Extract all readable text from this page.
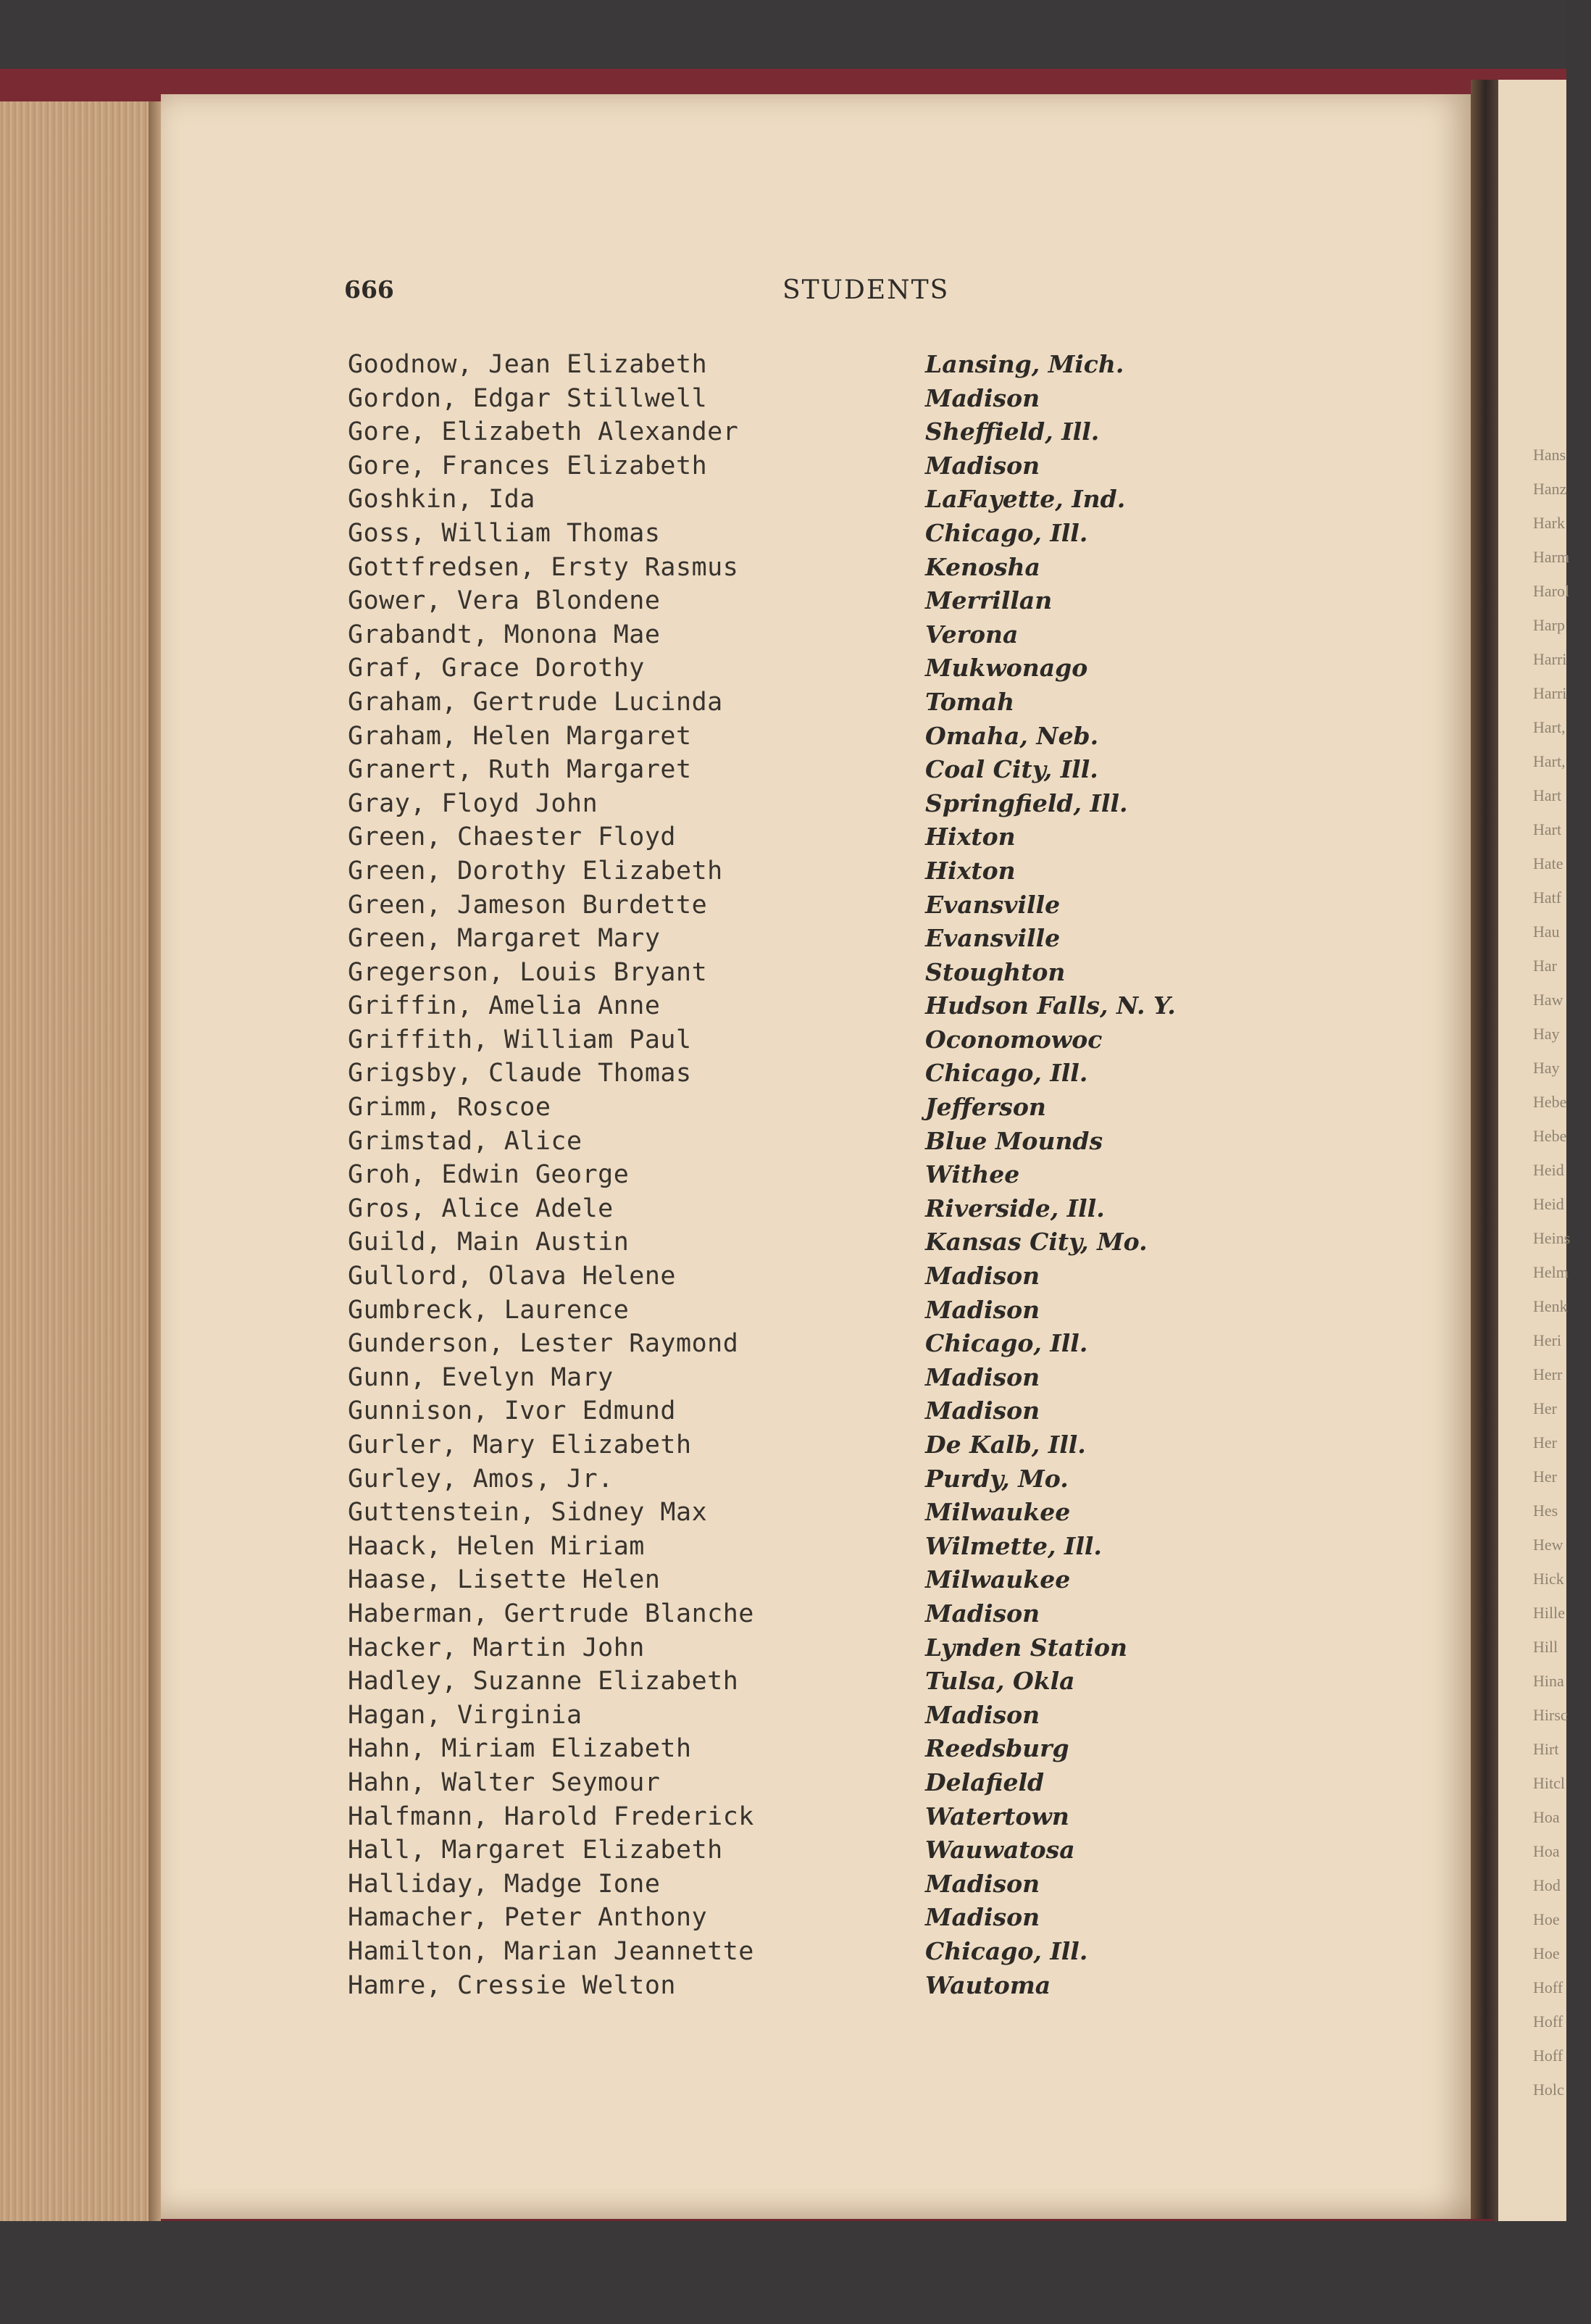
Hans
Hanz
Hark
Harm
Harol
Harp
Harri
Harri
Hart,
Hart,
Hart
Hart
Hate
Hatf
Hau
Har
Haw
Hay
Hay
Hebe
Hebe
Heid
Heid
Heins
Helm
Henk
Heri
Herr
Her
Her
Her
Hes
Hew
Hick
Hille
Hill
Hina
Hirsc
Hirt
Hitcl
Hoa
Hoa
Hod
Hoe
Hoe
Hoff
Hoff
Hoff
Holc
666	STUDENTS
Goodnow, Jean Elizabeth	Lansing, Mich.
Gordon, Edgar Stillwell	Madison
Gore, Elizabeth Alexander	Sheffield, Ill.
Gore, Frances Elizabeth	Madison
Goshkin, Ida	LaFayette, Ind.
Goss, William Thomas	Chicago, Ill.
Gottfredsen, Ersty Rasmus	Kenosha
Gower, Vera Blondene	Merrillan
Grabandt, Monona Mae	Verona
Graf, Grace Dorothy	Mukwonago
Graham, Gertrude Lucinda	Tomah
Graham, Helen Margaret	Omaha, Neb.
Granert, Ruth Margaret	Coal City, Ill.
Gray, Floyd John	Springfield, Ill.
Green, Chaester Floyd	Hixton
Green, Dorothy Elizabeth	Hixton
Green, Jameson Burdette	Evansville
Green, Margaret Mary	Evansville
Gregerson, Louis Bryant	Stoughton
Griffin, Amelia Anne	Hudson Falls, N. Y.
Griffith, William Paul	Oconomowoc
Grigsby, Claude Thomas	Chicago, Ill.
Grimm, Roscoe	Jefferson
Grimstad, Alice	Blue Mounds
Groh, Edwin George	Withee
Gros, Alice Adele	Riverside, Ill.
Guild, Main Austin	Kansas City, Mo.
Gullord, Olava Helene	Madison
Gumbreck, Laurence	Madison
Gunderson, Lester Raymond	Chicago, Ill.
Gunn, Evelyn Mary	Madison
Gunnison, Ivor Edmund	Madison
Gurler, Mary Elizabeth	De Kalb, Ill.
Gurley, Amos, Jr.	Purdy, Mo.
Guttenstein, Sidney Max	Milwaukee
Haack, Helen Miriam	Wilmette, Ill.
Haase, Lisette Helen	Milwaukee
Haberman, Gertrude Blanche	Madison
Hacker, Martin John	Lynden Station
Hadley, Suzanne Elizabeth	Tulsa, Okla
Hagan, Virginia	Madison
Hahn, Miriam Elizabeth	Reedsburg
Hahn, Walter Seymour	Delafield
Halfmann, Harold Frederick	Watertown
Hall, Margaret Elizabeth	Wauwatosa
Halliday, Madge Ione	Madison
Hamacher, Peter Anthony	Madison
Hamilton, Marian Jeannette	Chicago, Ill.
Hamre, Cressie Welton	Wautoma
